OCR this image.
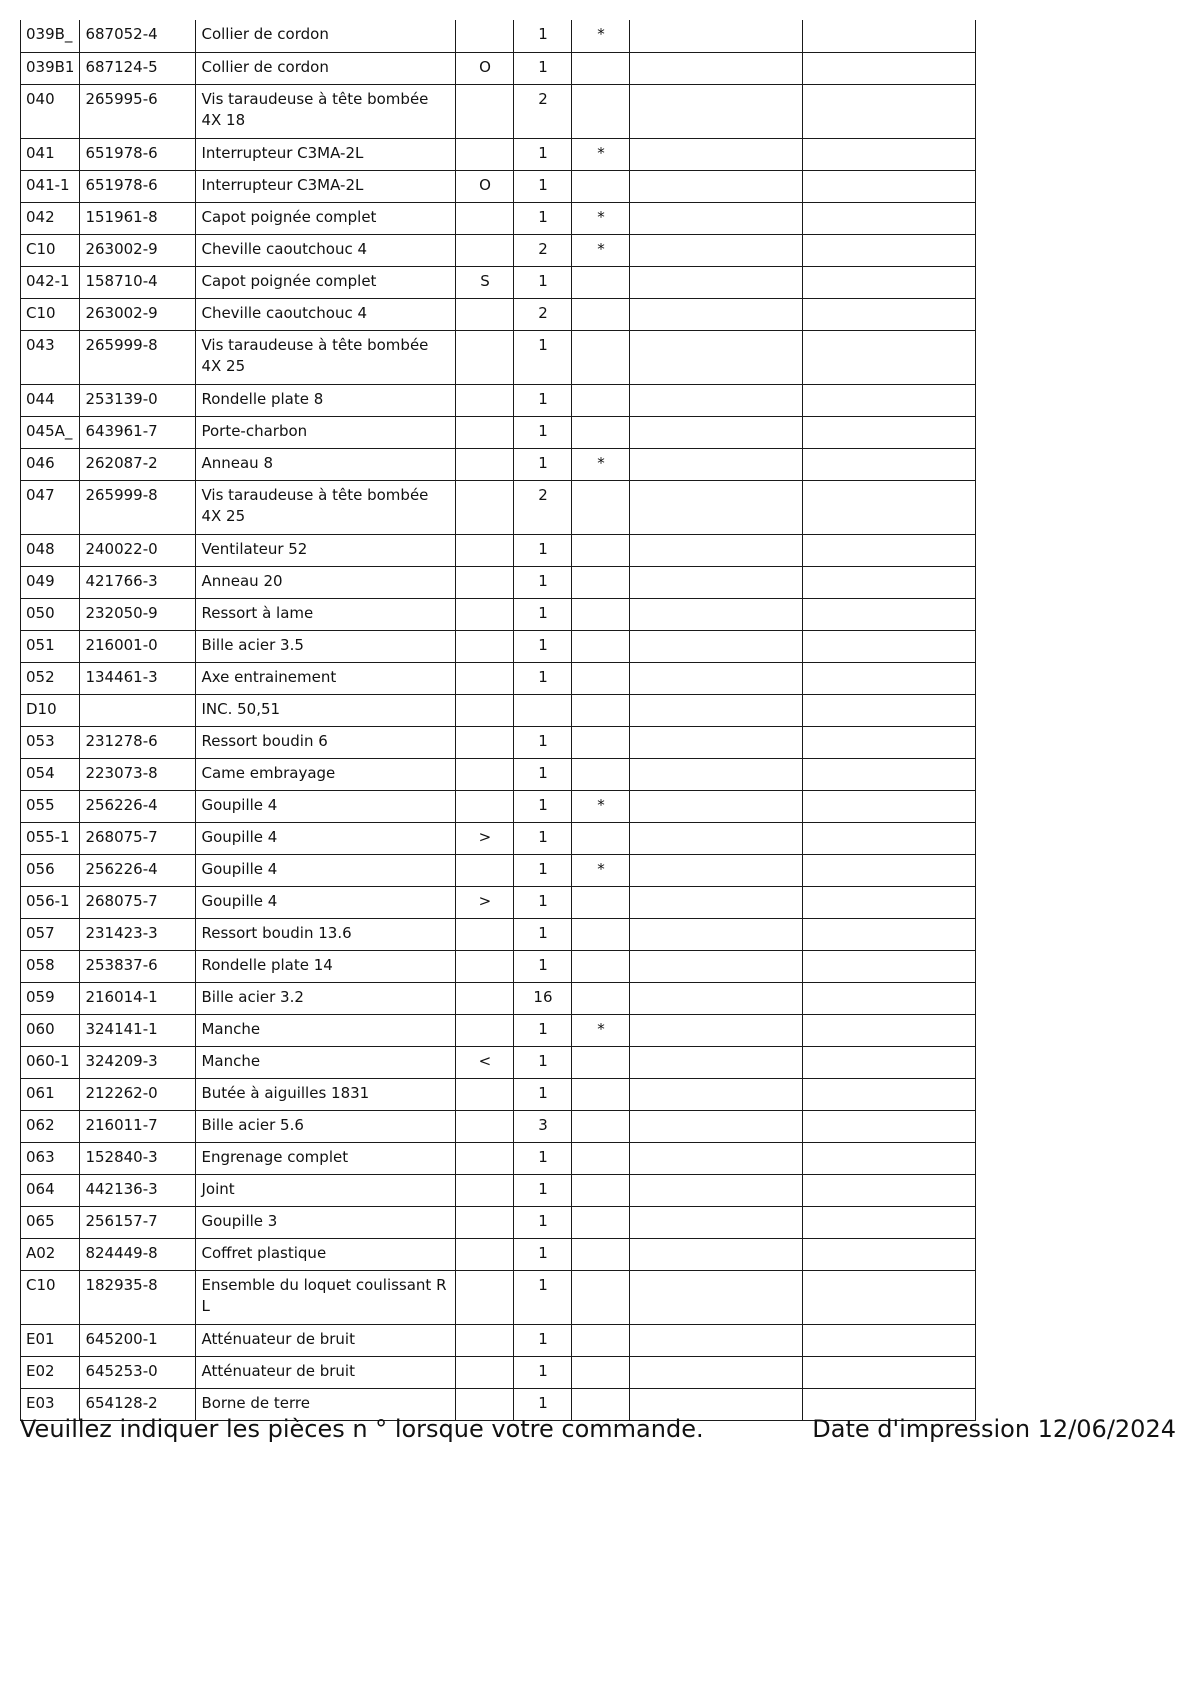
039B_	687052-4	Collier de cordon		1	*		
039B1	687124-5	Collier de cordon	O	1			
040	265995-6	Vis taraudeuse à tête bombée 4X 18		2			
041	651978-6	Interrupteur C3MA-2L		1	*		
041-1	651978-6	Interrupteur C3MA-2L	O	1			
042	151961-8	Capot poignée complet		1	*		
C10	263002-9	Cheville caoutchouc 4		2	*		
042-1	158710-4	Capot poignée complet	S	1			
C10	263002-9	Cheville caoutchouc 4		2			
043	265999-8	Vis taraudeuse à tête bombée 4X 25		1			
044	253139-0	Rondelle plate 8		1			
045A_	643961-7	Porte-charbon		1			
046	262087-2	Anneau 8		1	*		
047	265999-8	Vis taraudeuse à tête bombée 4X 25		2			
048	240022-0	Ventilateur 52		1			
049	421766-3	Anneau 20		1			
050	232050-9	Ressort à lame		1			
051	216001-0	Bille acier 3.5		1			
052	134461-3	Axe entrainement		1			
D10		INC. 50,51					
053	231278-6	Ressort boudin 6		1			
054	223073-8	Came embrayage		1			
055	256226-4	Goupille 4		1	*		
055-1	268075-7	Goupille 4	>	1			
056	256226-4	Goupille 4		1	*		
056-1	268075-7	Goupille 4	>	1			
057	231423-3	Ressort boudin 13.6		1			
058	253837-6	Rondelle plate 14		1			
059	216014-1	Bille acier 3.2		16			
060	324141-1	Manche		1	*		
060-1	324209-3	Manche	<	1			
061	212262-0	Butée à aiguilles 1831		1			
062	216011-7	Bille acier 5.6		3			
063	152840-3	Engrenage complet		1			
064	442136-3	Joint		1			
065	256157-7	Goupille 3		1			
A02	824449-8	Coffret plastique		1			
C10	182935-8	Ensemble du loquet coulissant R L		1			
E01	645200-1	Atténuateur de bruit		1			
E02	645253-0	Atténuateur de bruit		1			
E03	654128-2	Borne de terre		1			
Veuillez indiquer les pièces n ° lorsque votre commande.	Date d'impression 12/06/2024
